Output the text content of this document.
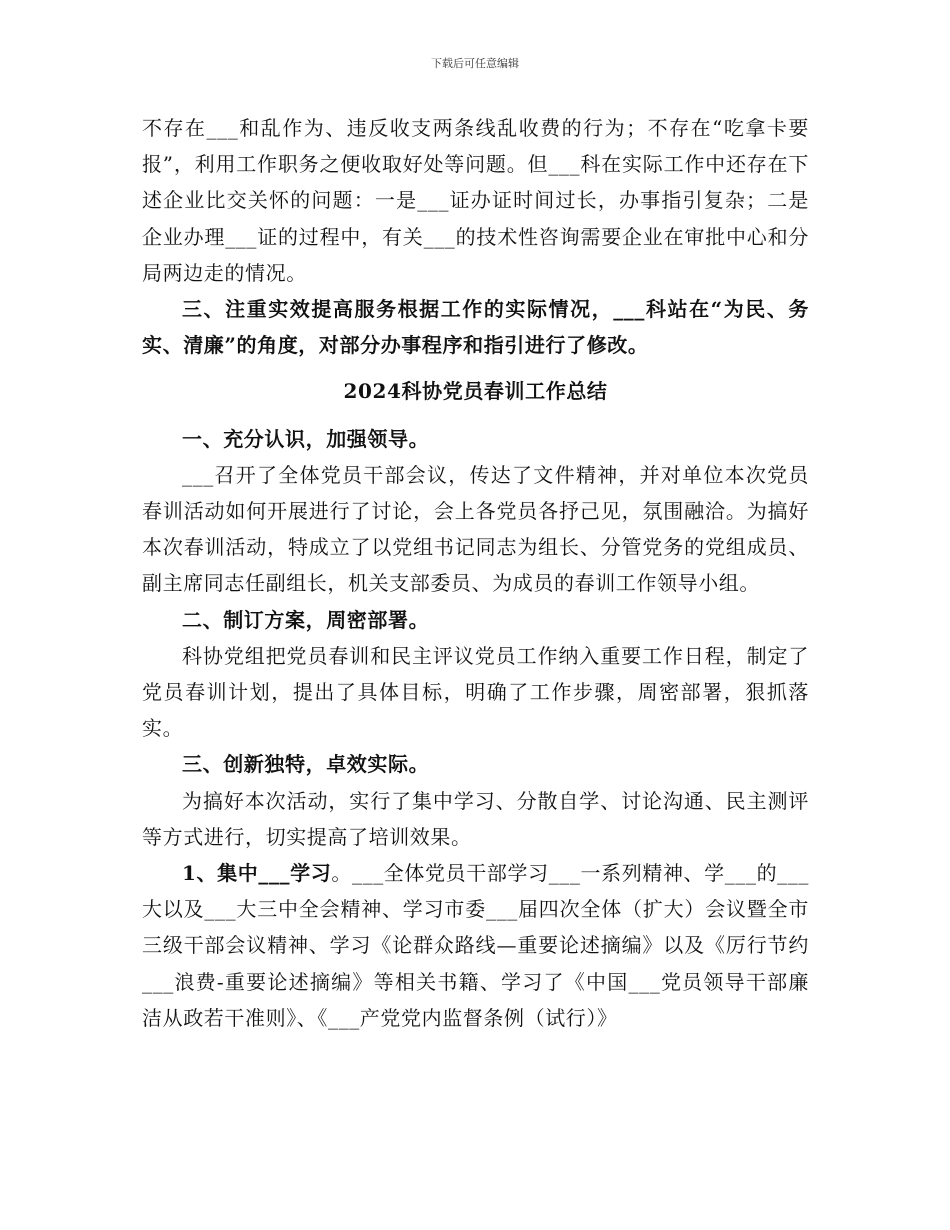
下载后可任意编辑

不存在___和乱作为、违反收支两条线乱收费的行为；不存在“吃拿卡要报”，利用工作职务之便收取好处等问题。但___科在实际工作中还存在下述企业比交关怀的问题：一是___证办证时间过长，办事指引复杂；二是企业办理___证的过程中，有关___的技术性咨询需要企业在审批中心和分局两边走的情况。

三、注重实效提高服务根据工作的实际情况，___科站在“为民、务实、清廉”的角度，对部分办事程序和指引进行了修改。

2024科协党员春训工作总结

一、充分认识，加强领导。

___召开了全体党员干部会议，传达了文件精神，并对单位本次党员春训活动如何开展进行了讨论，会上各党员各抒己见，氛围融洽。为搞好本次春训活动，特成立了以党组书记同志为组长、分管党务的党组成员、副主席同志任副组长，机关支部委员、为成员的春训工作领导小组。

二、制订方案，周密部署。

科协党组把党员春训和民主评议党员工作纳入重要工作日程，制定了党员春训计划，提出了具体目标，明确了工作步骤，周密部署，狠抓落实。

三、创新独特，卓效实际。

为搞好本次活动，实行了集中学习、分散自学、讨论沟通、民主测评等方式进行，切实提高了培训效果。

1、集中___学习。___全体党员干部学习___一系列精神、学___的___大以及___大三中全会精神、学习市委___届四次全体（扩大）会议暨全市三级干部会议精神、学习《论群众路线—重要论述摘编》以及《厉行节约___浪费-重要论述摘编》等相关书籍、学习了《中国___党员领导干部廉洁从政若干准则》、《___产党党内监督条例（试行）》
